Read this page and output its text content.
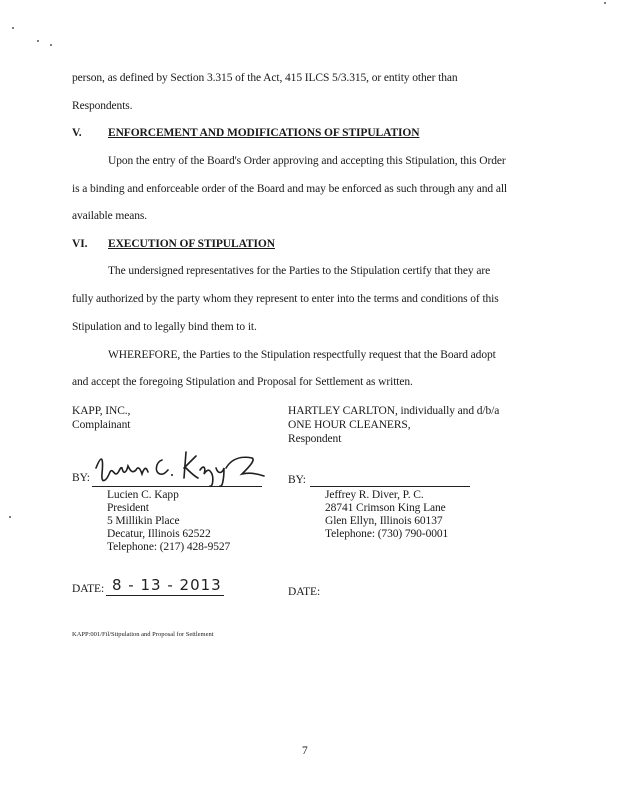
person, as defined by Section 3.315 of the Act, 415 ILCS 5/3.315, or entity other than
Respondents.
V. ENFORCEMENT AND MODIFICATIONS OF STIPULATION
Upon the entry of the Board's Order approving and accepting this Stipulation, this Order
is a binding and enforceable order of the Board and may be enforced as such through any and all
available means.
VI. EXECUTION OF STIPULATION
The undersigned representatives for the Parties to the Stipulation certify that they are
fully authorized by the party whom they represent to enter into the terms and conditions of this
Stipulation and to legally bind them to it.
WHEREFORE, the Parties to the Stipulation respectfully request that the Board adopt
and accept the foregoing Stipulation and Proposal for Settlement as written.
KAPP, INC.,
Complainant
BY:
Lucien C. Kapp
President
5 Millikin Place
Decatur, Illinois 62522
Telephone: (217) 428-9527
DATE: 8 - 13 - 2013
HARTLEY CARLTON, individually and d/b/a
ONE HOUR CLEANERS,
Respondent
BY:
Jeffrey R. Diver, P. C.
28741 Crimson King Lane
Glen Ellyn, Illinois 60137
Telephone: (730) 790-0001
DATE:
KAPP:001/Fil/Stipulation and Proposal for Settlement
7
